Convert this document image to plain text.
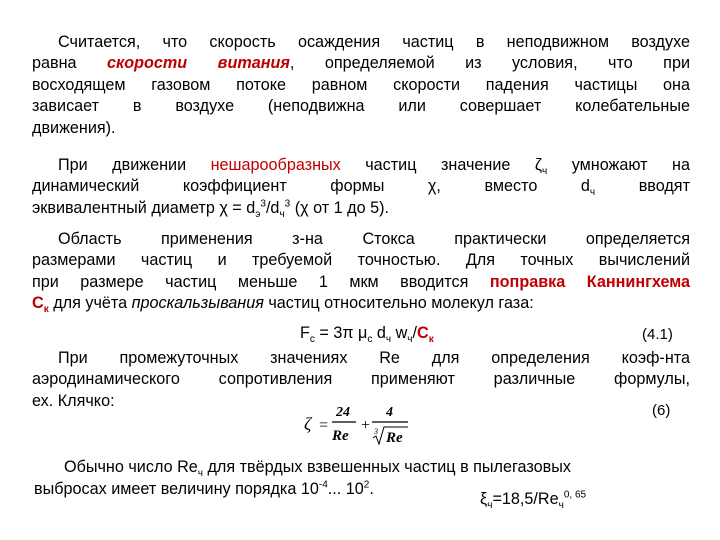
Считается, что скорость осаждения частиц в неподвижном воздухе
равна скорости витания, определяемой из условия, что при
восходящем газовом потоке равном скорости падения частицы она
зависает в воздухе (неподвижна или совершает колебательные
движения).
При движении нешарообразных частиц значение $\zeta_ч$ умножают на
динамический коэффициент формы χ, вместо $d_ч$ вводят
эквивалентный диаметр $\chi = d_э^3/d_ч^3$ (χ от 1 до 5).
Область применения з-на Стокса практически определяется
размерами частиц и требуемой точностью. Для точных вычислений
при размере частиц меньше 1 мкм вводится поправка Каннингхема
$C_к$ для учёта проскальзывания частиц относительно молекул газа:
$F_c = 3\pi$ $\mu_c$ $d_ч$ $w_ч/C_к$	(4.1)
При промежуточных значениях Re для определения коэф-нта
аэродинамического сопротивления применяют различные формулы,
ех. Клячко:
(6)
ζ =
24
Re
+
4
3 Re
Обычно число $Re_ч$ для твёрдых взвешенных частиц в пылегазовых
выбросах имеет величину порядка $10^{-4}$... $10^2$.
$\xi_ч=18,5/Re_ч^{0, 65}$
